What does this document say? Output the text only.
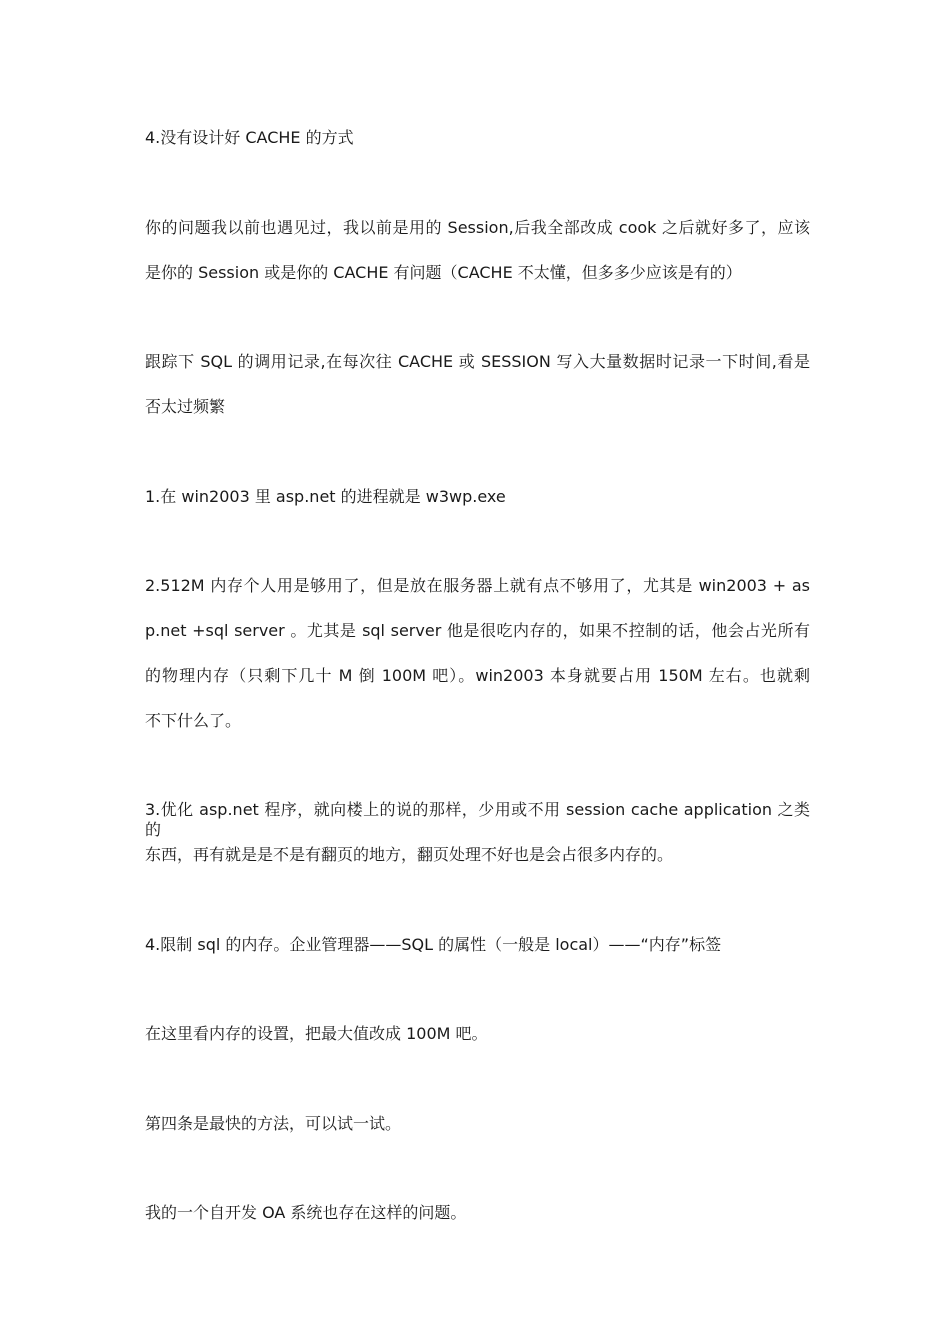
4.没有设计好 CACHE 的方式
你的问题我以前也遇见过，我以前是用的 Session,后我全部改成 cook 之后就好多了，应该
是你的 Session 或是你的 CACHE 有问题（CACHE 不太懂，但多多少应该是有的）
跟踪下 SQL 的调用记录,在每次往 CACHE 或 SESSION 写入大量数据时记录一下时间,看是
否太过频繁
1.在 win2003 里 asp.net 的进程就是 w3wp.exe
2.512M 内存个人用是够用了，但是放在服务器上就有点不够用了，尤其是 win2003 + as
p.net +sql server 。尤其是 sql server 他是很吃内存的，如果不控制的话，他会占光所有
的物理内存（只剩下几十 M 倒 100M 吧）。win2003 本身就要占用 150M 左右。也就剩
不下什么了。
3.优化 asp.net 程序，就向楼上的说的那样，少用或不用 session cache application 之类的
东西，再有就是是不是有翻页的地方，翻页处理不好也是会占很多内存的。
4.限制 sql 的内存。企业管理器——SQL 的属性（一般是 local）——“内存”标签
在这里看内存的设置，把最大值改成 100M 吧。
第四条是最快的方法，可以试一试。
我的一个自开发 OA 系统也存在这样的问题。
